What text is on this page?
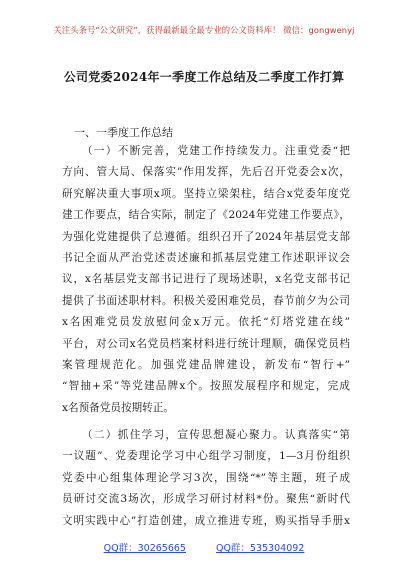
关注头条号“公文研究”，获得最新最全最专业的公文资料库！ 微信：gongwenyj
公司党委2024年一季度工作总结及二季度工作打算
一、一季度工作总结
（一）不断完善，党建工作持续发力。注重党委“把
方向、管大局、保落实”作用发挥，先后召开党委会x次，
研究解决重大事项x项。坚持立梁架柱，结合x党委年度党
建工作要点，结合实际，制定了《2024年党建工作要点》，
为强化党建提供了总遵循。组织召开了2024年基层党支部
书记全面从严治党述责述廉和抓基层党建工作述职评议会
议，x名基层党支部书记进行了现场述职，x名党支部书记
提供了书面述职材料。积极关爱困难党员，春节前夕为公司
x名困难党员发放慰问金x万元。依托“灯塔党建在线”
平台，对公司x名党员档案材料进行统计理顺，确保党员档
案管理规范化。加强党建品牌建设，新发布“智行+”
“智抽+采”等党建品牌x个。按照发展程序和规定，完成
x名预备党员按期转正。
（二）抓住学习，宣传思想凝心聚力。认真落实“第
一议题”、党委理论学习中心组学习制度，1—3月份组织
党委中心组集体理论学习3次，围绕“*”等主题，班子成
员研讨交流3场次，形成学习研讨材料*份。聚焦“新时代
文明实践中心”打造创建，成立推进专班，购买指导手册x
QQ群：30265665	QQ群：535304092
